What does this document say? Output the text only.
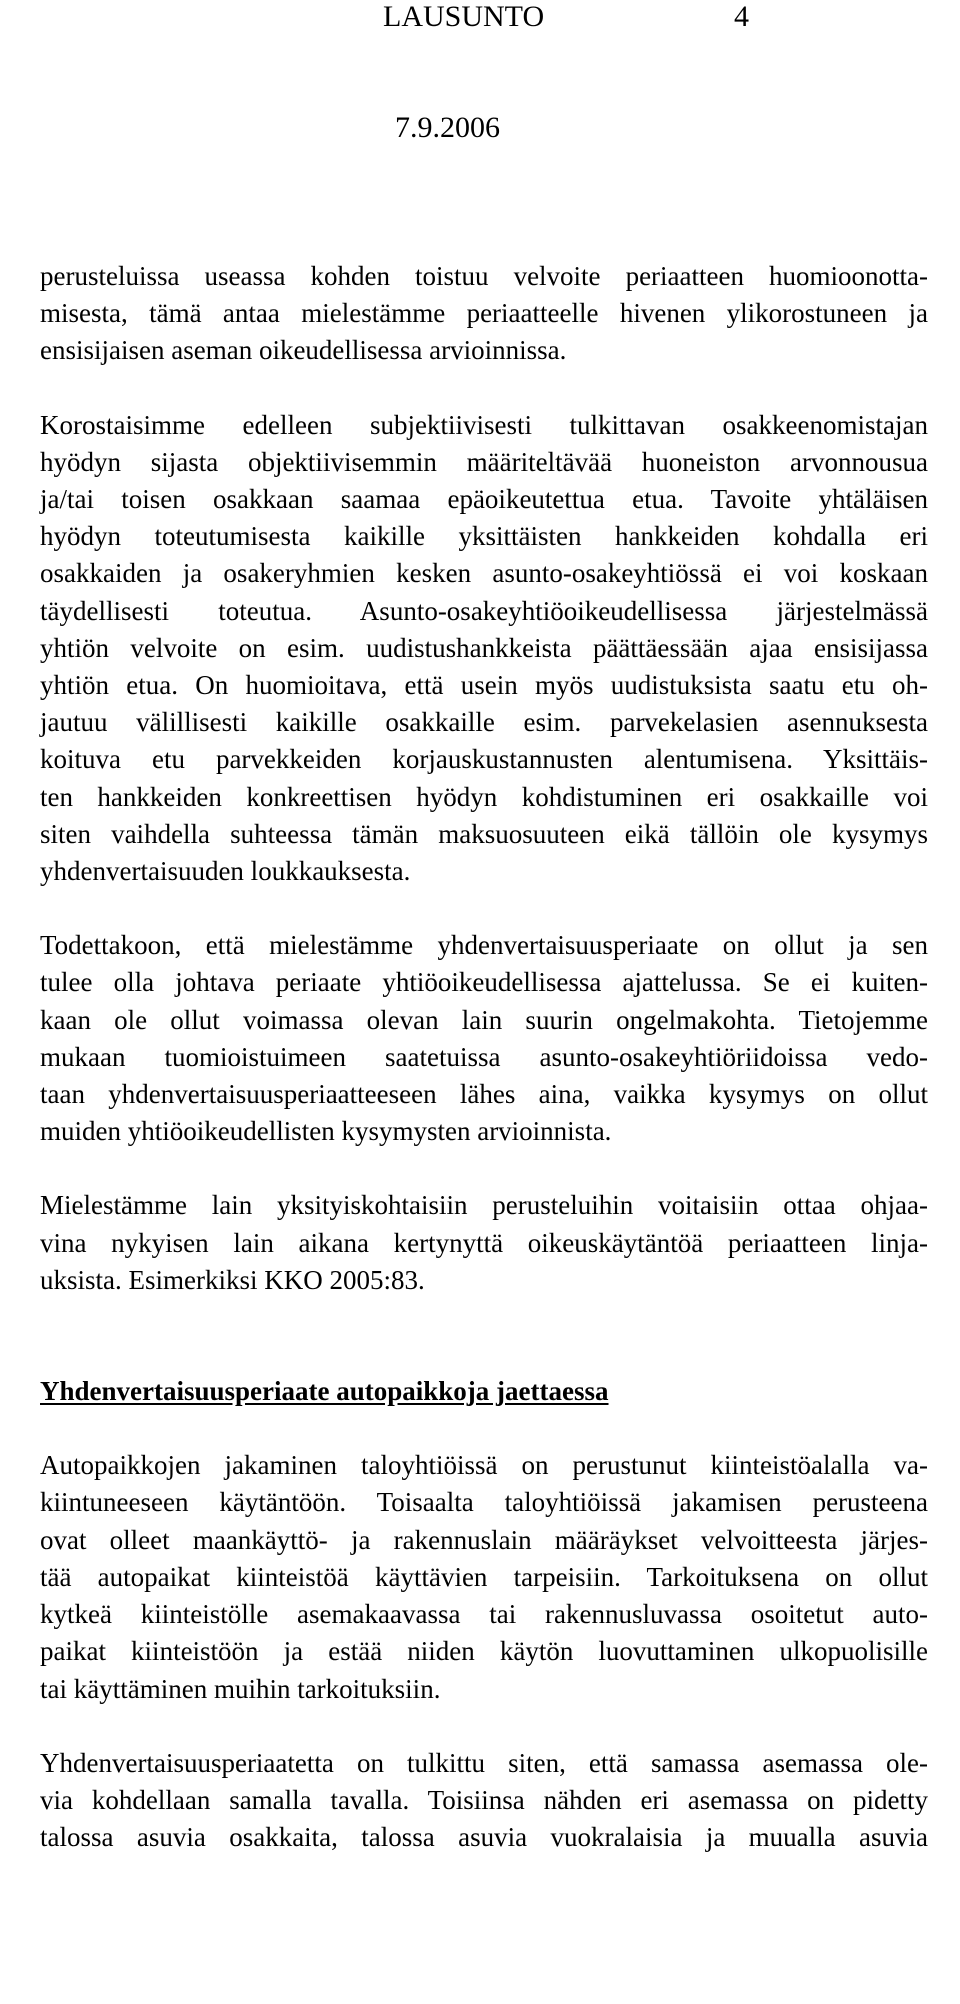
LAUSUNTO	4
7.9.2006

perusteluissa useassa kohden toistuu velvoite periaatteen huomioonotta-
misesta, tämä antaa mielestämme periaatteelle hivenen ylikorostuneen ja
ensisijaisen aseman oikeudellisessa arvioinnissa.

Korostaisimme edelleen subjektiivisesti tulkittavan osakkeenomistajan
hyödyn sijasta objektiivisemmin määriteltävää huoneiston arvonnousua
ja/tai toisen osakkaan saamaa epäoikeutettua etua. Tavoite yhtäläisen
hyödyn toteutumisesta kaikille yksittäisten hankkeiden kohdalla eri
osakkaiden ja osakeryhmien kesken asunto-osakeyhtiössä ei voi koskaan
täydellisesti toteutua. Asunto-osakeyhtiöoikeudellisessa järjestelmässä
yhtiön velvoite on esim. uudistushankkeista päättäessään ajaa ensisijassa
yhtiön etua. On huomioitava, että usein myös uudistuksista saatu etu oh-
jautuu välillisesti kaikille osakkaille esim. parvekelasien asennuksesta
koituva etu parvekkeiden korjauskustannusten alentumisena. Yksittäis-
ten hankkeiden konkreettisen hyödyn kohdistuminen eri osakkaille voi
siten vaihdella suhteessa tämän maksuosuuteen eikä tällöin ole kysymys
yhdenvertaisuuden loukkauksesta.

Todettakoon, että mielestämme yhdenvertaisuusperiaate on ollut ja sen
tulee olla johtava periaate yhtiöoikeudellisessa ajattelussa. Se ei kuiten-
kaan ole ollut voimassa olevan lain suurin ongelmakohta. Tietojemme
mukaan tuomioistuimeen saatetuissa asunto-osakeyhtiöriidoissa vedo-
taan yhdenvertaisuusperiaatteeseen lähes aina, vaikka kysymys on ollut
muiden yhtiöoikeudellisten kysymysten arvioinnista.

Mielestämme lain yksityiskohtaisiin perusteluihin voitaisiin ottaa ohjaa-
vina nykyisen lain aikana kertynyttä oikeuskäytäntöä periaatteen linja-
uksista. Esimerkiksi KKO 2005:83.

Yhdenvertaisuusperiaate autopaikkoja jaettaessa

Autopaikkojen jakaminen taloyhtiöissä on perustunut kiinteistöalalla va-
kiintuneeseen käytäntöön. Toisaalta taloyhtiöissä jakamisen perusteena
ovat olleet maankäyttö- ja rakennuslain määräykset velvoitteesta järjes-
tää autopaikat kiinteistöä käyttävien tarpeisiin. Tarkoituksena on ollut
kytkeä kiinteistölle asemakaavassa tai rakennusluvassa osoitetut auto-
paikat kiinteistöön ja estää niiden käytön luovuttaminen ulkopuolisille
tai käyttäminen muihin tarkoituksiin.

Yhdenvertaisuusperiaatetta on tulkittu siten, että samassa asemassa ole-
via kohdellaan samalla tavalla. Toisiinsa nähden eri asemassa on pidetty
talossa asuvia osakkaita, talossa asuvia vuokralaisia ja muualla asuvia
